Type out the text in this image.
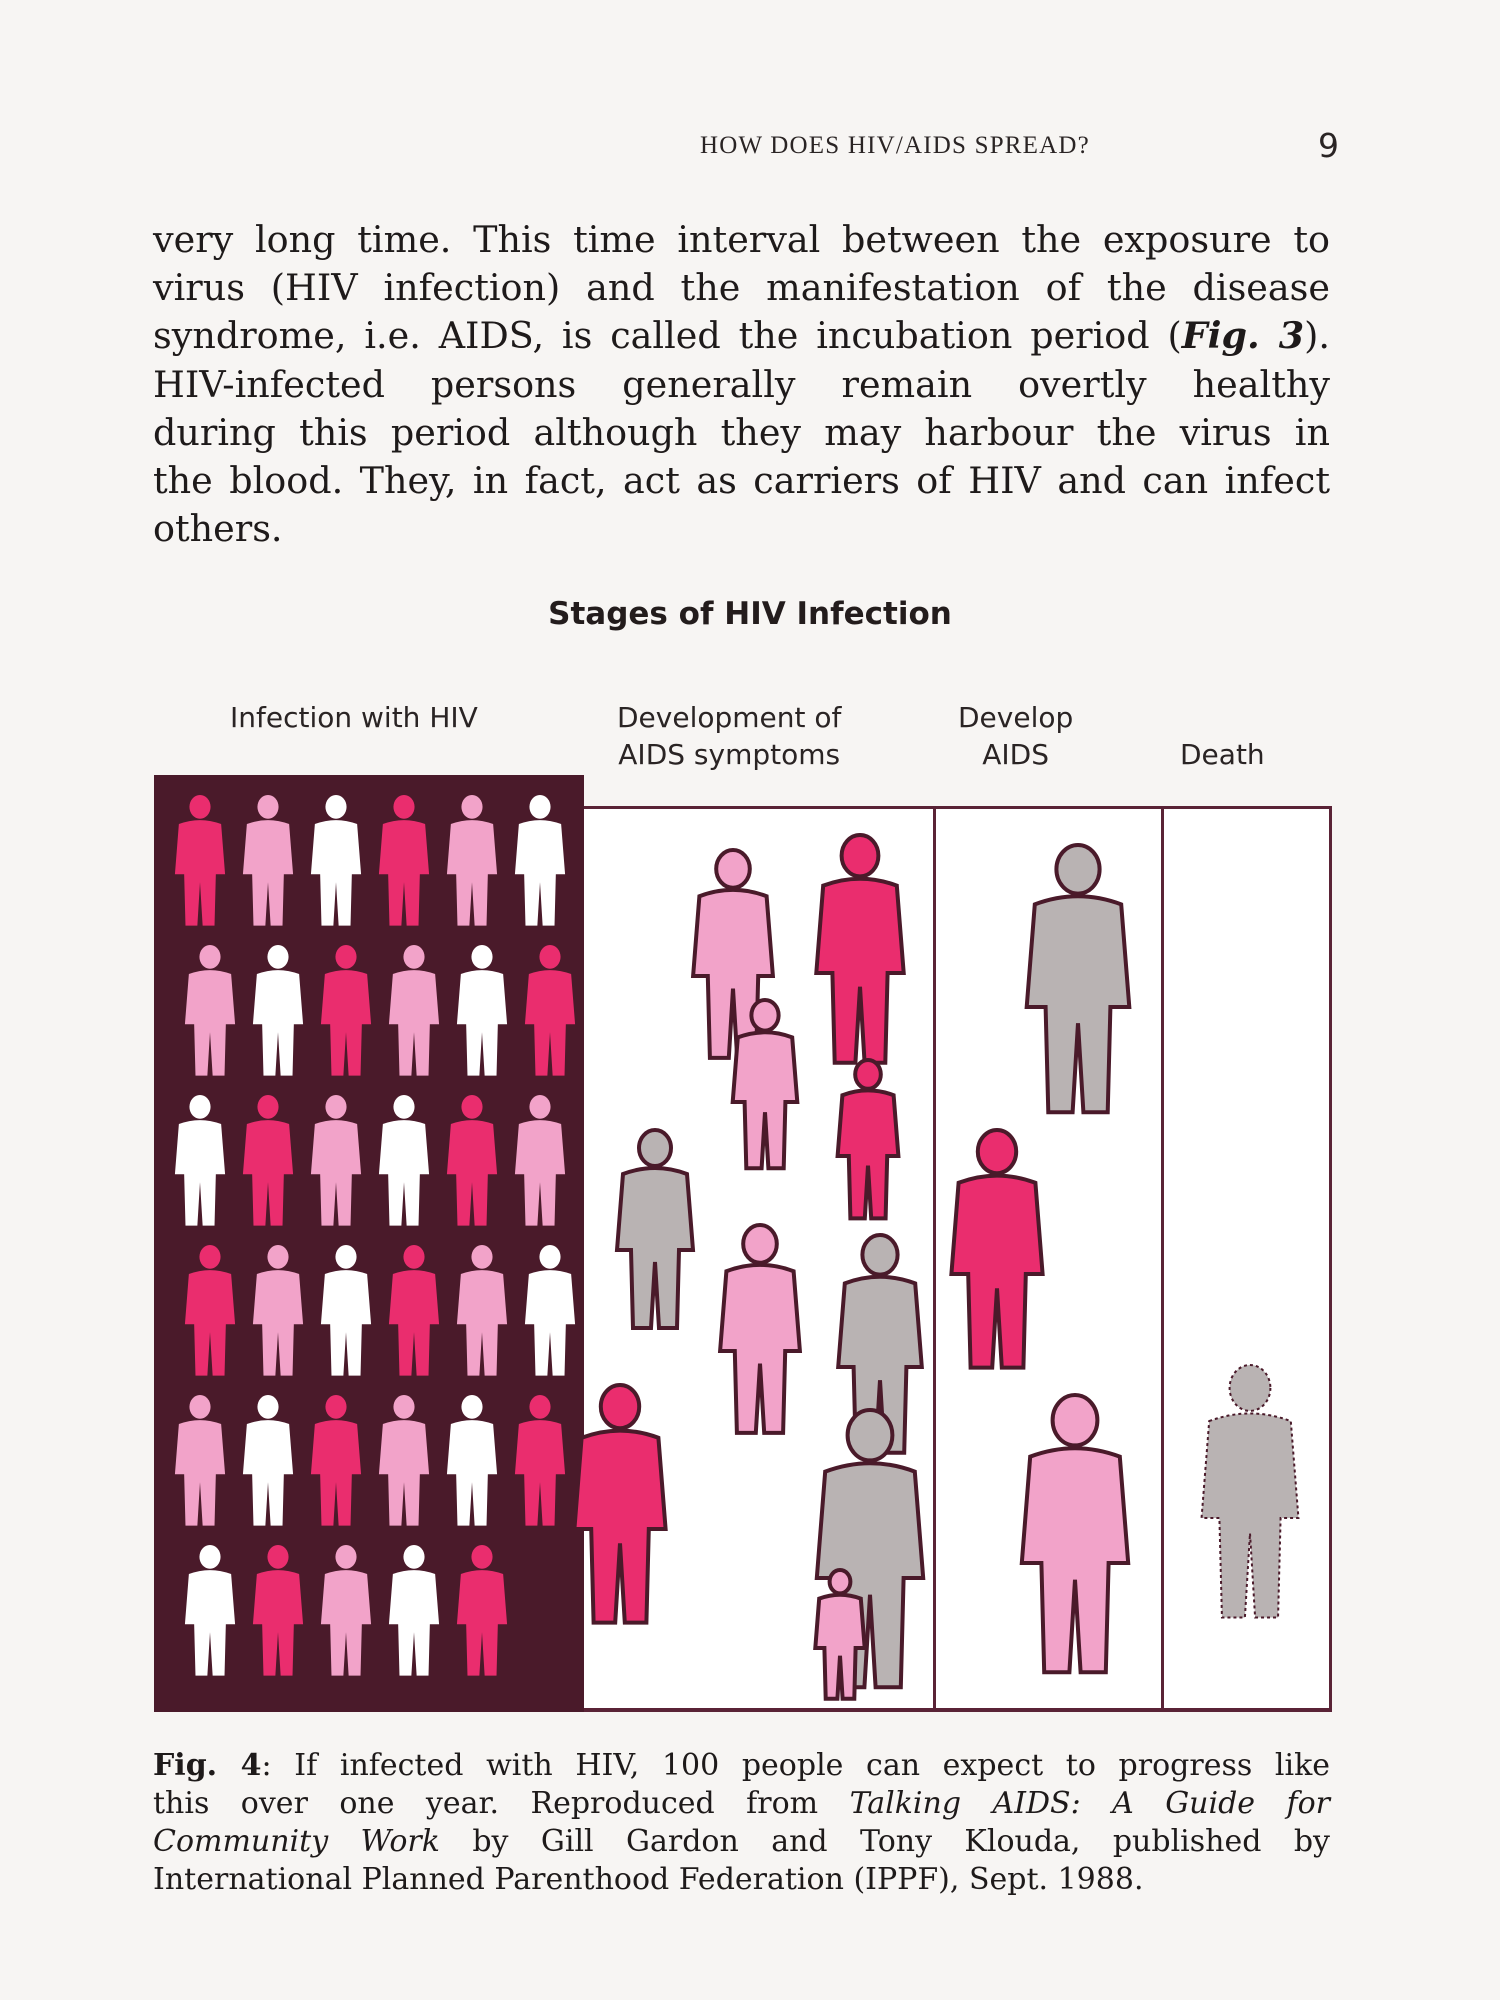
HOW DOES HIV/AIDS SPREAD?	9
very long time. This time interval between the exposure to
virus (HIV infection) and the manifestation of the disease
syndrome, i.e. AIDS, is called the incubation period (Fig. 3).
HIV-infected persons generally remain overtly healthy
during this period although they may harbour the virus in
the blood. They, in fact, act as carriers of HIV and can infect
others.
Stages of HIV Infection
Infection with HIV	Development of
AIDS symptoms
Develop
AIDS	Death
Fig. 4: If infected with HIV, 100 people can expect to progress like
this over one year. Reproduced from Talking AIDS: A Guide for
Community Work by Gill Gardon and Tony Klouda, published by
International Planned Parenthood Federation (IPPF), Sept. 1988.
